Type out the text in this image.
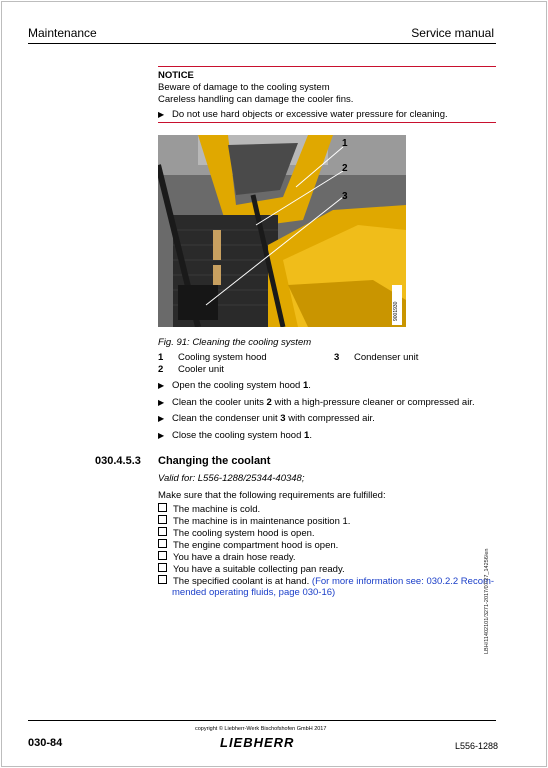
Maintenance	Service manual
NOTICE
Beware of damage to the cooling system
Careless handling can damage the cooler fins.
▶ Do not use hard objects or excessive water pressure for cleaning.
1
2
3
9001930
Fig. 91: Cleaning the cooling system
1 Cooling system hood
2 Cooler unit
3 Condenser unit
▶ Open the cooling system hood 1.
▶ Clean the cooler units 2 with a high-pressure cleaner or compressed air.
▶ Clean the condenser unit 3 with compressed air.
▶ Close the cooling system hood 1.
030.4.5.3 Changing the coolant
Valid for: L556-1288/25344-40348;
Make sure that the following requirements are fulfilled:
The machine is cold.
The machine is in maintenance position 1.
The cooling system hood is open.
The engine compartment hood is open.
You have a drain hose ready.
You have a suitable collecting pan ready.
The specified coolant is at hand. (For more information see: 030.2.2 Recom-
mended operating fluids, page 030-16)	LBH/11402101/3271-2017/07/27_14256/en
copyright © Liebherr-Werk Bischofshofen GmbH 2017
030-84	LIEBHERR	L556-1288
